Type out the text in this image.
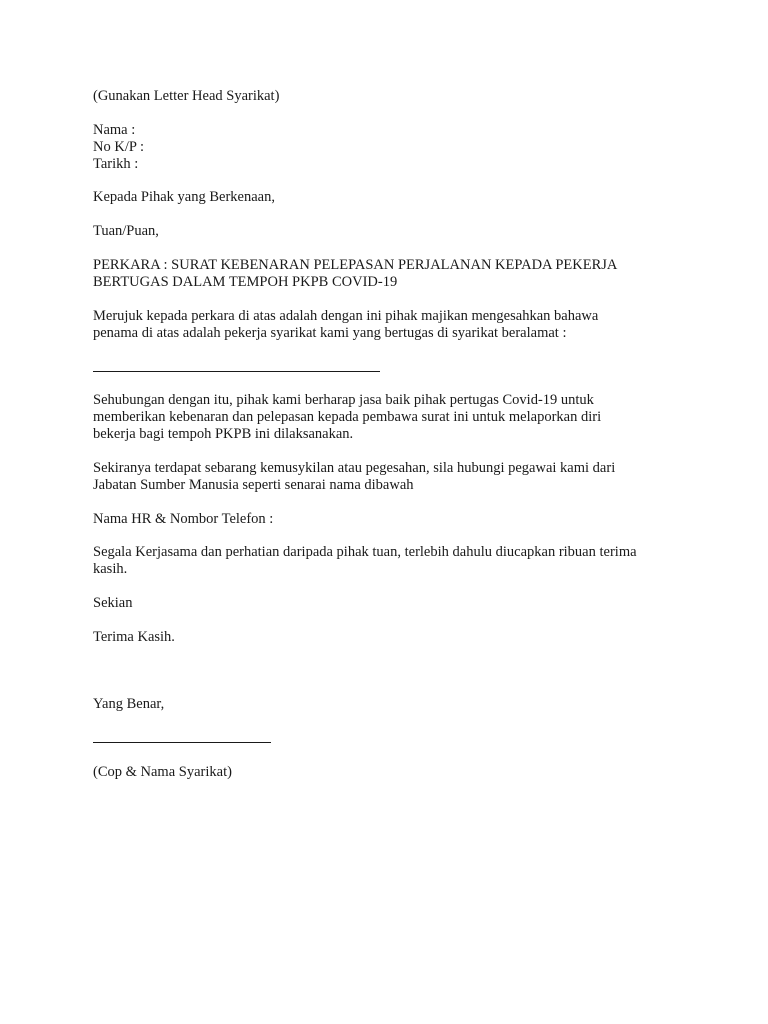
(Gunakan Letter Head Syarikat)

Nama :

No K/P :

Tarikh :

Kepada Pihak yang Berkenaan,

Tuan/Puan,

PERKARA : SURAT KEBENARAN PELEPASAN PERJALANAN KEPADA PEKERJA

BERTUGAS DALAM TEMPOH PKPB COVID-19

Merujuk kepada perkara di atas adalah dengan ini pihak majikan mengesahkan bahawa

penama di atas adalah pekerja syarikat kami yang bertugas di syarikat beralamat :

Sehubungan dengan itu, pihak kami berharap jasa baik pihak pertugas Covid-19 untuk

memberikan kebenaran dan pelepasan kepada pembawa surat ini untuk melaporkan diri

bekerja bagi tempoh PKPB ini dilaksanakan.

Sekiranya terdapat sebarang kemusykilan atau pegesahan, sila hubungi pegawai kami dari

Jabatan Sumber Manusia seperti senarai nama dibawah

Nama HR & Nombor Telefon :

Segala Kerjasama dan perhatian daripada pihak tuan, terlebih dahulu diucapkan ribuan terima

kasih.

Sekian

Terima Kasih.

Yang Benar,

(Cop & Nama Syarikat)
